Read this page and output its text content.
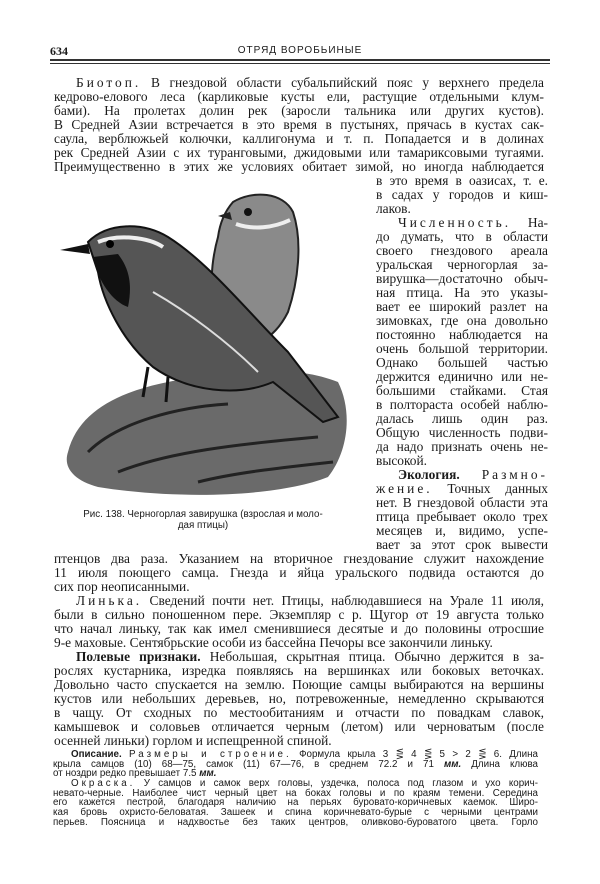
634	ОТРЯД ВОРОБЬИНЫЕ
Биотоп. В гнездовой области субальпийский пояс у верхнего предела
кедрово-елового леса (карликовые кусты ели, растущие отдельными клум-
бами). На пролетах долин рек (заросли тальника или других кустов).
В Средней Азии встречается в это время в пустынях, прячась в кустах сак-
саула, верблюжьей колючки, каллигонума и т. п. Попадается и в долинах
рек Средней Азии с их туранговыми, джидовыми или тамариксовыми тугаями.
Преимущественно в этих же условиях обитает зимой, но иногда наблюдается
в это время в оазисах, т. е.
в садах у городов и киш-
лаков.
Численность. На-
до думать, что в области
своего гнездового ареала
уральская черногорлая за-
вирушка—достаточно обыч-
ная птица. На это указы-
вает ее широкий разлет на
зимовках, где она довольно
постоянно наблюдается на
очень большой территории.
Однако большей частью
держится единично или не-
большими стайками. Стая
в полтораста особей наблю-
далась лишь один раз.
Общую численность подви-
да надо признать очень не-
высокой.
Экология. Размно-
жение. Точных данных
нет. В гнездовой области эта
птица пребывает около трех
месяцев и, видимо, успе-
вает за этот срок вывести
птенцов два раза. Указанием на вторичное гнездование служит нахождение
11 июля поющего самца. Гнезда и яйца уральского подвида остаются до
сих пор неописанными.
Линька. Сведений почти нет. Птицы, наблюдавшиеся на Урале 11 июля,
были в сильно поношенном пере. Экземпляр с р. Щугор от 19 августа только
что начал линьку, так как имел сменившиеся десятые и до половины отросшие
9-е маховые. Сентябрьские особи из бассейна Печоры все закончили линьку.
Полевые признаки. Небольшая, скрытная птица. Обычно держится в за-
рослях кустарника, изредка появляясь на вершинках или боковых веточках.
Довольно часто спускается на землю. Поющие самцы выбираются на вершины
кустов или небольших деревьев, но, потревоженные, немедленно скрываются
в чащу. От сходных по местообитаниям и отчасти по повадкам славок,
камышевок и соловьев отличается черным (летом) или черноватым (после
осенней линьки) горлом и испещренной спиной.
Описание. Размеры и строение. Формула крыла 3 ⋚ 4 ⋚ 5 > 2 ⋚ 6. Длина
крыла самцов (10) 68—75, самок (11) 67—76, в среднем 72.2 и 71 мм. Длина клюва
от ноздри редко превышает 7.5 мм.
Окраска. У самцов и самок верх головы, уздечка, полоса под глазом и ухо корич-
невато-черные. Наиболее чист черный цвет на боках головы и по краям темени. Середина
его кажется пестрой, благодаря наличию на перьях буровато-коричневых каемок. Широ-
кая бровь охристо-беловатая. Зашеек и спина коричневато-бурые с черными центрами
перьев. Поясница и надхвостье без таких центров, оливково-буроватого цвета. Горло
Рис. 138. Черногорлая завирушка (взрослая и моло-
дая птицы)
